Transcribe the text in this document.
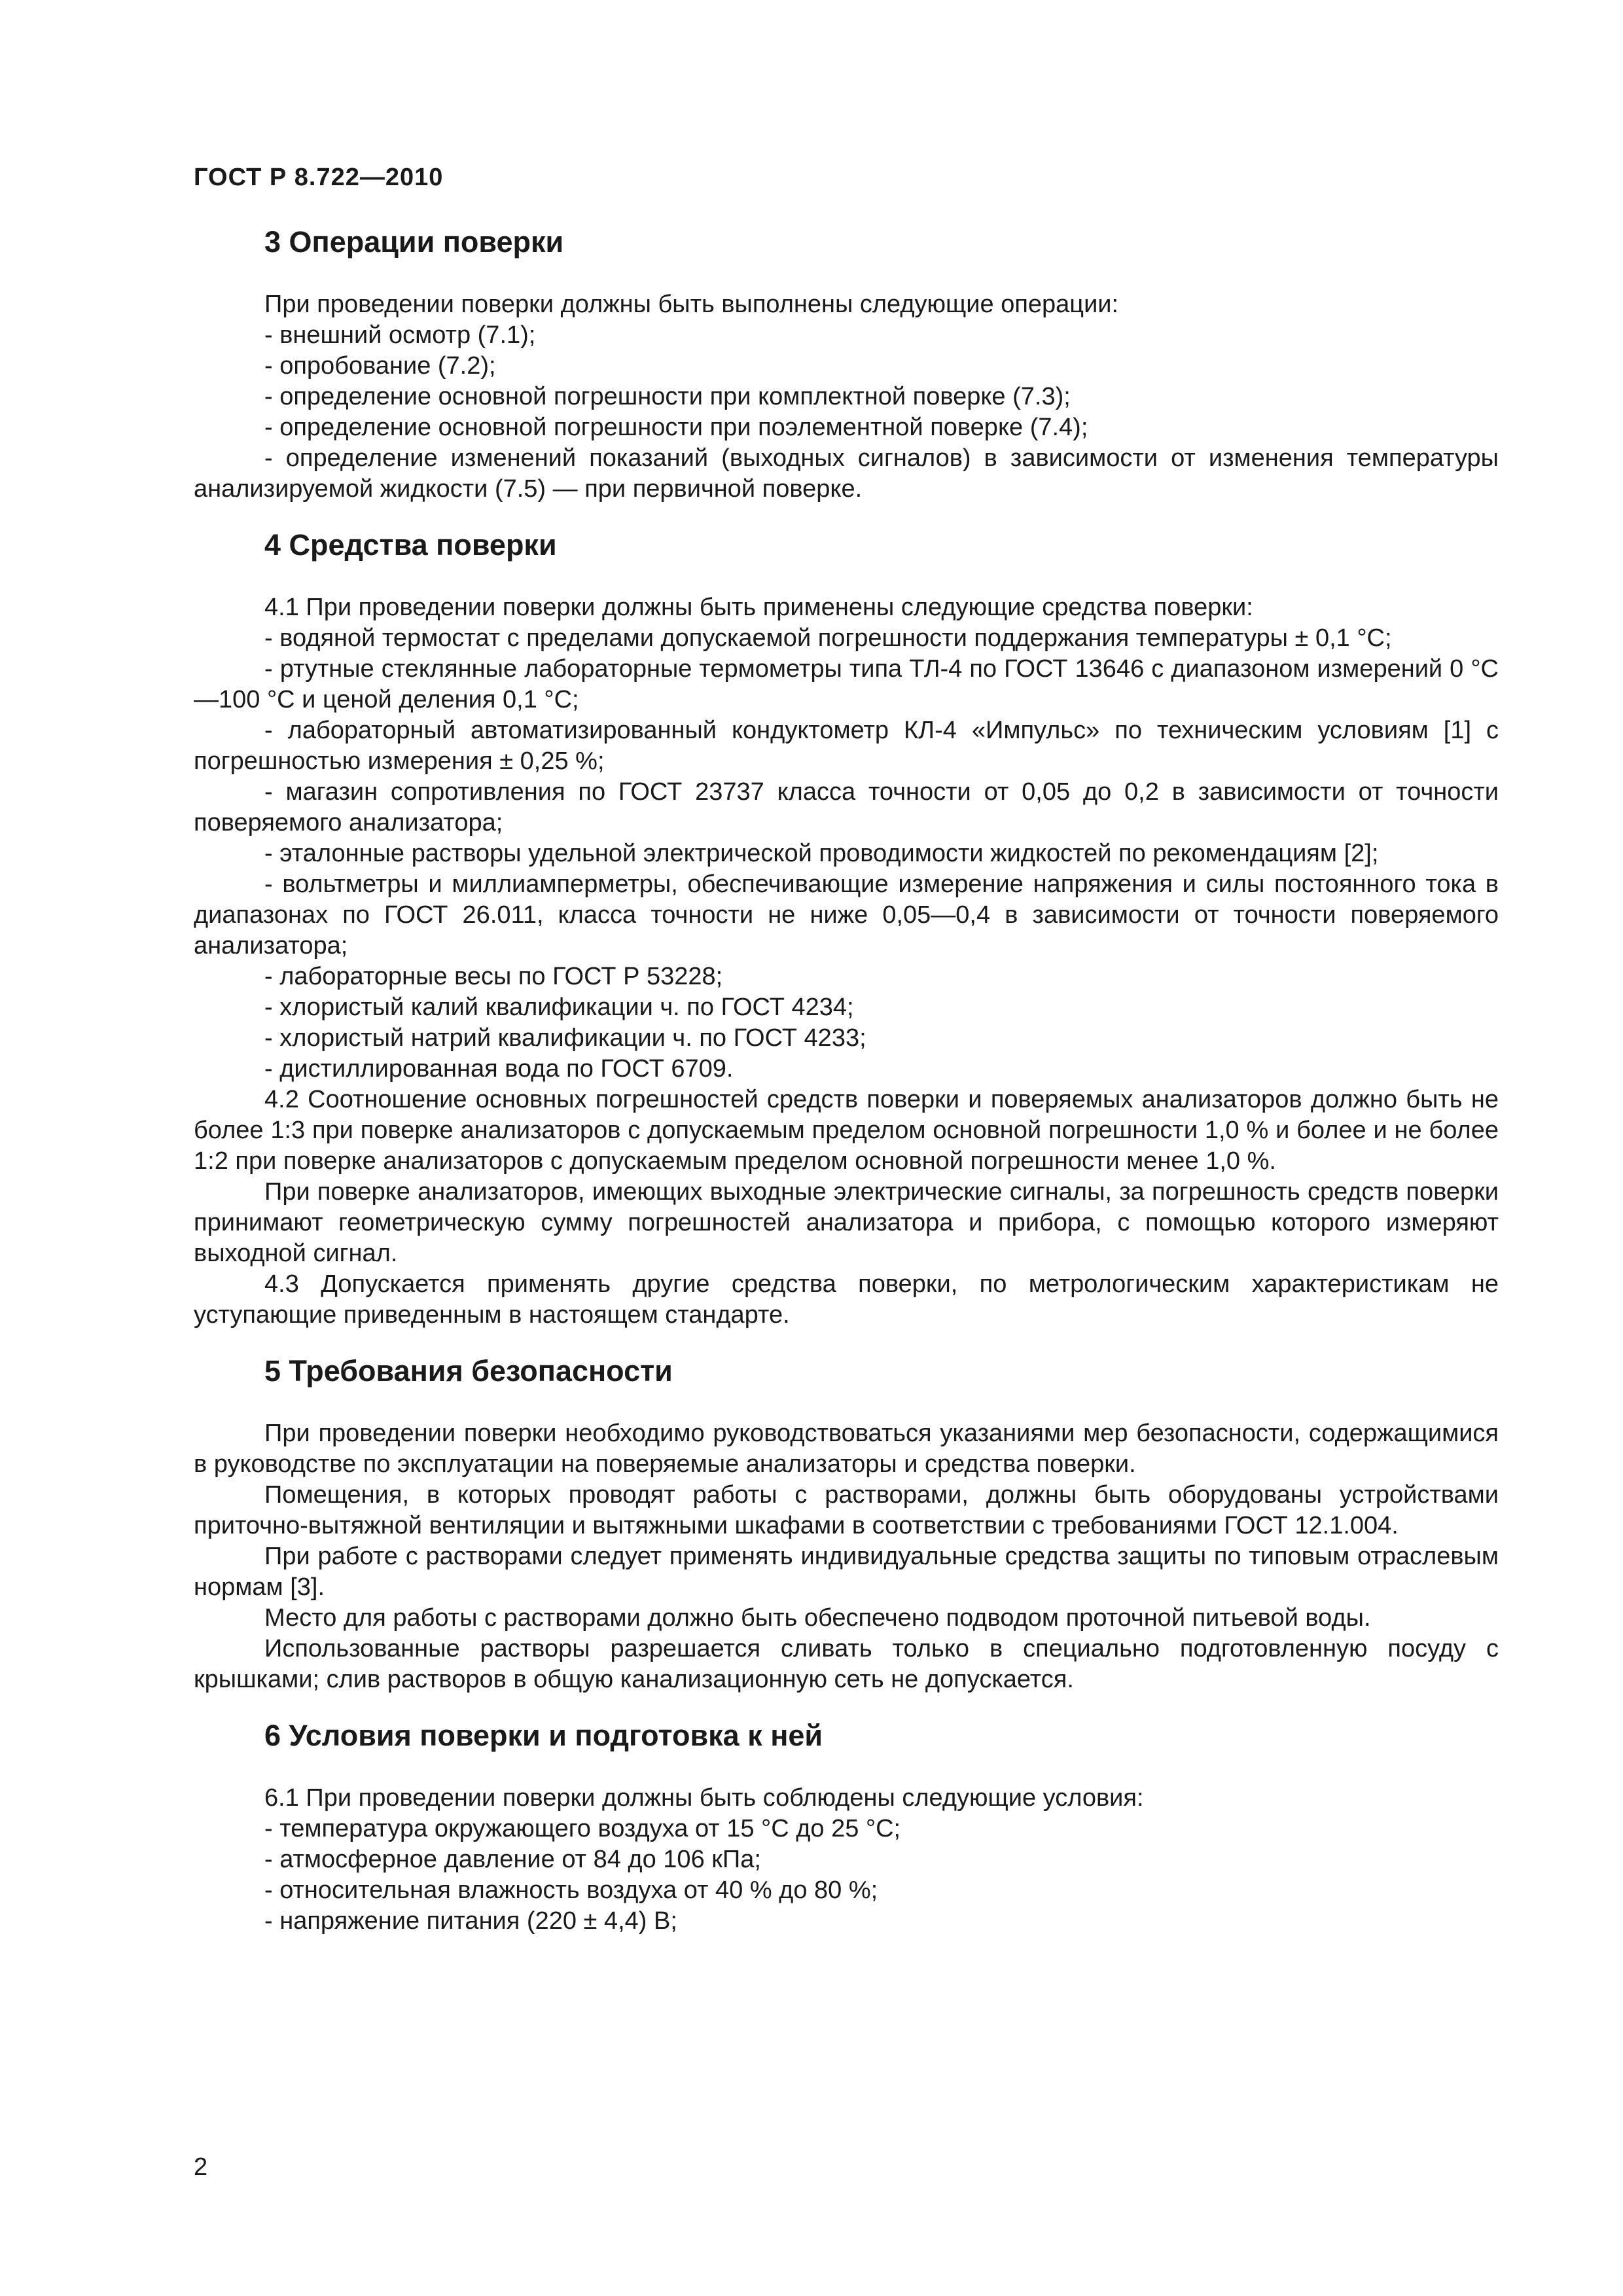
ГОСТ Р 8.722—2010
3 Операции поверки

При проведении поверки должны быть выполнены следующие операции:

- внешний осмотр (7.1);

- опробование (7.2);

- определение основной погрешности при комплектной поверке (7.3);

- определение основной погрешности при поэлементной поверке (7.4);

- определение изменений показаний (выходных сигналов) в зависимости от изменения температуры анализируемой жидкости (7.5) — при первичной поверке.

4 Средства поверки

4.1 При проведении поверки должны быть применены следующие средства поверки:

- водяной термостат с пределами допускаемой погрешности поддержания температуры ± 0,1 °С;

- ртутные стеклянные лабораторные термометры типа ТЛ-4 по ГОСТ 13646 с диапазоном измерений 0 °С—100 °С и ценой деления 0,1 °С;

- лабораторный автоматизированный кондуктометр КЛ-4 «Импульс» по техническим условиям [1] с погрешностью измерения ± 0,25 %;

- магазин сопротивления по ГОСТ 23737 класса точности от 0,05 до 0,2 в зависимости от точности поверяемого анализатора;

- эталонные растворы удельной электрической проводимости жидкостей по рекомендациям [2];

- вольтметры и миллиамперметры, обеспечивающие измерение напряжения и силы постоянного тока в диапазонах по ГОСТ 26.011, класса точности не ниже 0,05—0,4 в зависимости от точности поверяемого анализатора;

- лабораторные весы по ГОСТ Р 53228;

- хлористый калий квалификации ч. по ГОСТ 4234;

- хлористый натрий квалификации ч. по ГОСТ 4233;

- дистиллированная вода по ГОСТ 6709.

4.2 Соотношение основных погрешностей средств поверки и поверяемых анализаторов должно быть не более 1:3 при поверке анализаторов с допускаемым пределом основной погрешности 1,0 % и более и не более 1:2 при поверке анализаторов с допускаемым пределом основной погрешности менее 1,0 %.

При поверке анализаторов, имеющих выходные электрические сигналы, за погрешность средств поверки принимают геометрическую сумму погрешностей анализатора и прибора, с помощью которого измеряют выходной сигнал.

4.3 Допускается применять другие средства поверки, по метрологическим характеристикам не уступающие приведенным в настоящем стандарте.

5 Требования безопасности

При проведении поверки необходимо руководствоваться указаниями мер безопасности, содержащимися в руководстве по эксплуатации на поверяемые анализаторы и средства поверки.

Помещения, в которых проводят работы с растворами, должны быть оборудованы устройствами приточно-вытяжной вентиляции и вытяжными шкафами в соответствии с требованиями ГОСТ 12.1.004.

При работе с растворами следует применять индивидуальные средства защиты по типовым отраслевым нормам [3].

Место для работы с растворами должно быть обеспечено подводом проточной питьевой воды.

Использованные растворы разрешается сливать только в специально подготовленную посуду с крышками; слив растворов в общую канализационную сеть не допускается.

6 Условия поверки и подготовка к ней

6.1 При проведении поверки должны быть соблюдены следующие условия:

- температура окружающего воздуха от 15 °С до 25 °С;

- атмосферное давление от 84 до 106 кПа;

- относительная влажность воздуха от 40 % до 80 %;

- напряжение питания (220 ± 4,4) В;

2
